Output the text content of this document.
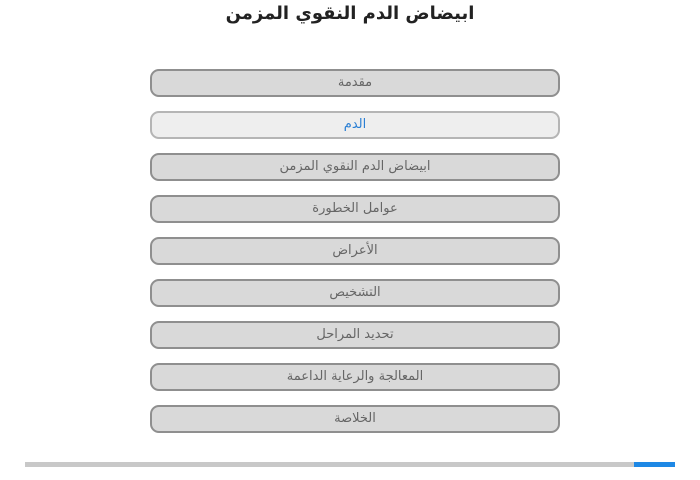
ابيضاض الدم النقوي المزمن
مقدمة
الدم
ابيضاض الدم النقوي المزمن
عوامل الخطورة
الأعراض
التشخيص
تحديد المراحل
المعالجة والرعاية الداعمة
الخلاصة
